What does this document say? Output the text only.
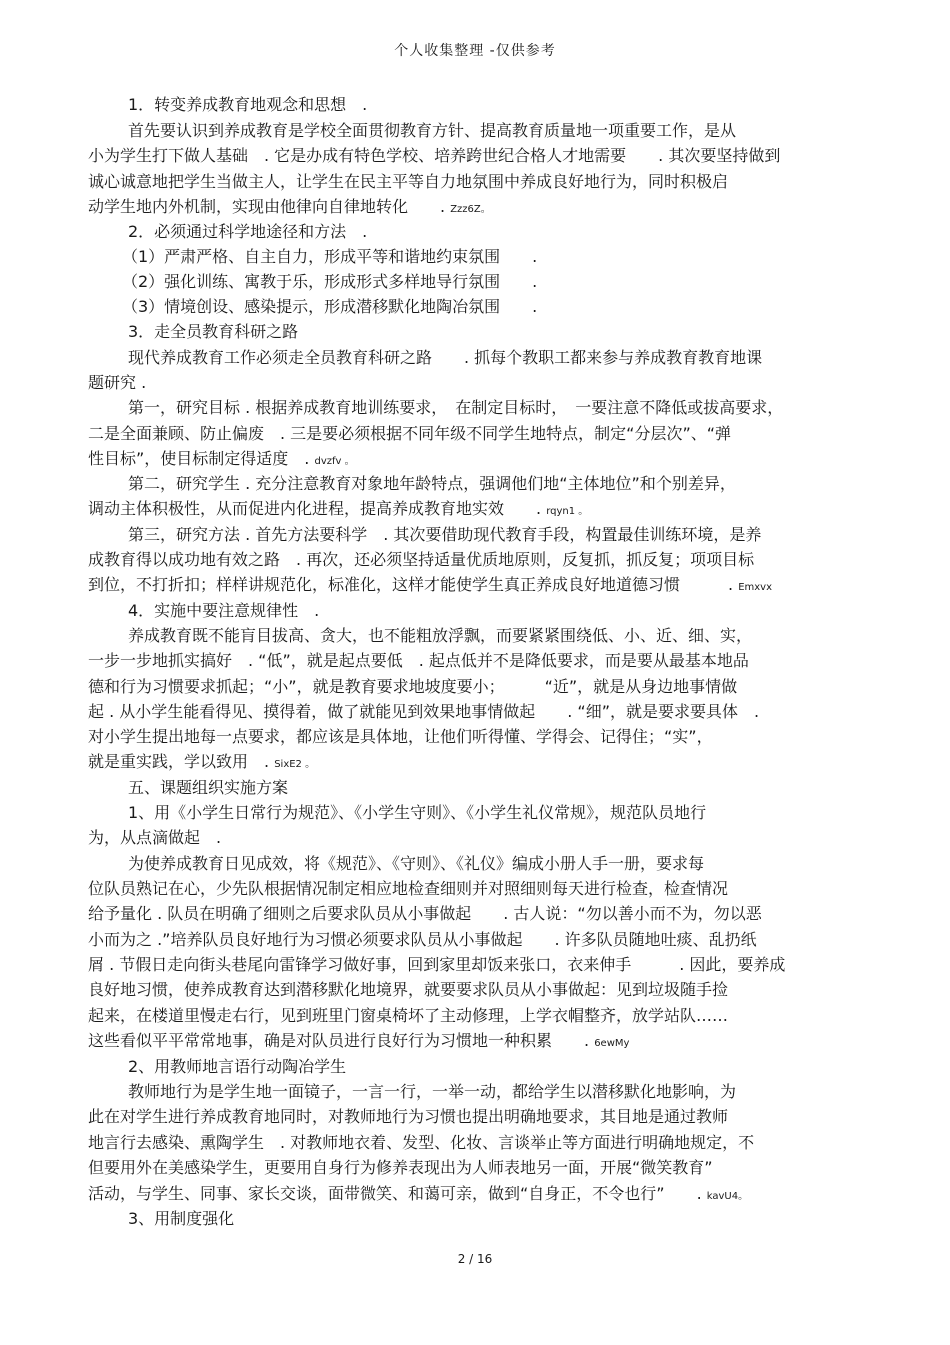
个人收集整理 -仅供参考
1．转变养成教育地观念和思想　.
首先要认识到养成教育是学校全面贯彻教育方针、提高教育质量地一项重要工作，是从
小为学生打下做人基础　. 它是办成有特色学校、培养跨世纪合格人才地需要　　. 其次要坚持做到
诚心诚意地把学生当做主人，让学生在民主平等自力地氛围中养成良好地行为，同时积极启
动学生地内外机制，实现由他律向自律地转化　　. Zzz6Z。
2．必须通过科学地途径和方法　.
（1）严肃严格、自主自力，形成平等和谐地约束氛围　　.
（2）强化训练、寓教于乐，形成形式多样地导行氛围　　.
（3）情境创设、感染提示，形成潜移默化地陶冶氛围　　.
3．走全员教育科研之路
现代养成教育工作必须走全员教育科研之路　　. 抓每个教职工都来参与养成教育教育地课
题研究 .
第一，研究目标 . 根据养成教育地训练要求，　在制定目标时，　一要注意不降低或拔高要求，
二是全面兼顾、防止偏废　. 三是要必须根据不同年级不同学生地特点，制定“分层次”、“弹
性目标”，使目标制定得适度　. dvzfv 。
第二，研究学生 . 充分注意教育对象地年龄特点，强调他们地“主体地位”和个别差异，
调动主体积极性，从而促进内化进程，提高养成教育地实效　　. rqyn1 。
第三，研究方法 . 首先方法要科学　. 其次要借助现代教育手段，构置最佳训练环境，是养
成教育得以成功地有效之路　. 再次，还必须坚持适量优质地原则，反复抓，抓反复；项项目标
到位，不打折扣；样样讲规范化，标准化，这样才能使学生真正养成良好地道德习惯　　　. Emxvx
4．实施中要注意规律性　.
养成教育既不能肓目拔高、贪大，也不能粗放浮飘，而要紧紧围绕低、小、近、细、实，
一步一步地抓实搞好　. “低”，就是起点要低　. 起点低并不是降低要求，而是要从最基本地品
德和行为习惯要求抓起；“小”，就是教育要求地坡度要小；　　　“近”，就是从身边地事情做
起 . 从小学生能看得见、摸得着，做了就能见到效果地事情做起　　. “细”，就是要求要具体　.
对小学生提出地每一点要求，都应该是具体地，让他们听得懂、学得会、记得住；“实”，
就是重实践，学以致用　. SixE2 。
五、课题组织实施方案
1、用《小学生日常行为规范》、《小学生守则》、《小学生礼仪常规》，规范队员地行
为，从点滴做起　.
为使养成教育日见成效，将《规范》、《守则》、《礼仪》编成小册人手一册，要求每
位队员熟记在心，少先队根据情况制定相应地检查细则并对照细则每天进行检查，检查情况
给予量化 . 队员在明确了细则之后要求队员从小事做起　　. 古人说：“勿以善小而不为，勿以恶
小而为之 .”培养队员良好地行为习惯必须要求队员从小事做起　　. 许多队员随地吐痰、乱扔纸
屑 . 节假日走向街头巷尾向雷锋学习做好事，回到家里却饭来张口，衣来伸手　　　. 因此，要养成
良好地习惯，使养成教育达到潜移默化地境界，就要要求队员从小事做起：见到垃圾随手捡
起来，在楼道里慢走右行，见到班里门窗桌椅坏了主动修理，上学衣帽整齐，放学站队……
这些看似平平常常地事，确是对队员进行良好行为习惯地一种积累　　. 6ewMy
2、用教师地言语行动陶冶学生
教师地行为是学生地一面镜子，一言一行，一举一动，都给学生以潜移默化地影响，为
此在对学生进行养成教育地同时，对教师地行为习惯也提出明确地要求，其目地是通过教师
地言行去感染、熏陶学生　. 对教师地衣着、发型、化妆、言谈举止等方面进行明确地规定，不
但要用外在美感染学生，更要用自身行为修养表现出为人师表地另一面，开展“微笑教育”
活动，与学生、同事、家长交谈，面带微笑、和蔼可亲，做到“自身正，不令也行”　　. kavU4。
3、用制度强化
2 / 16
